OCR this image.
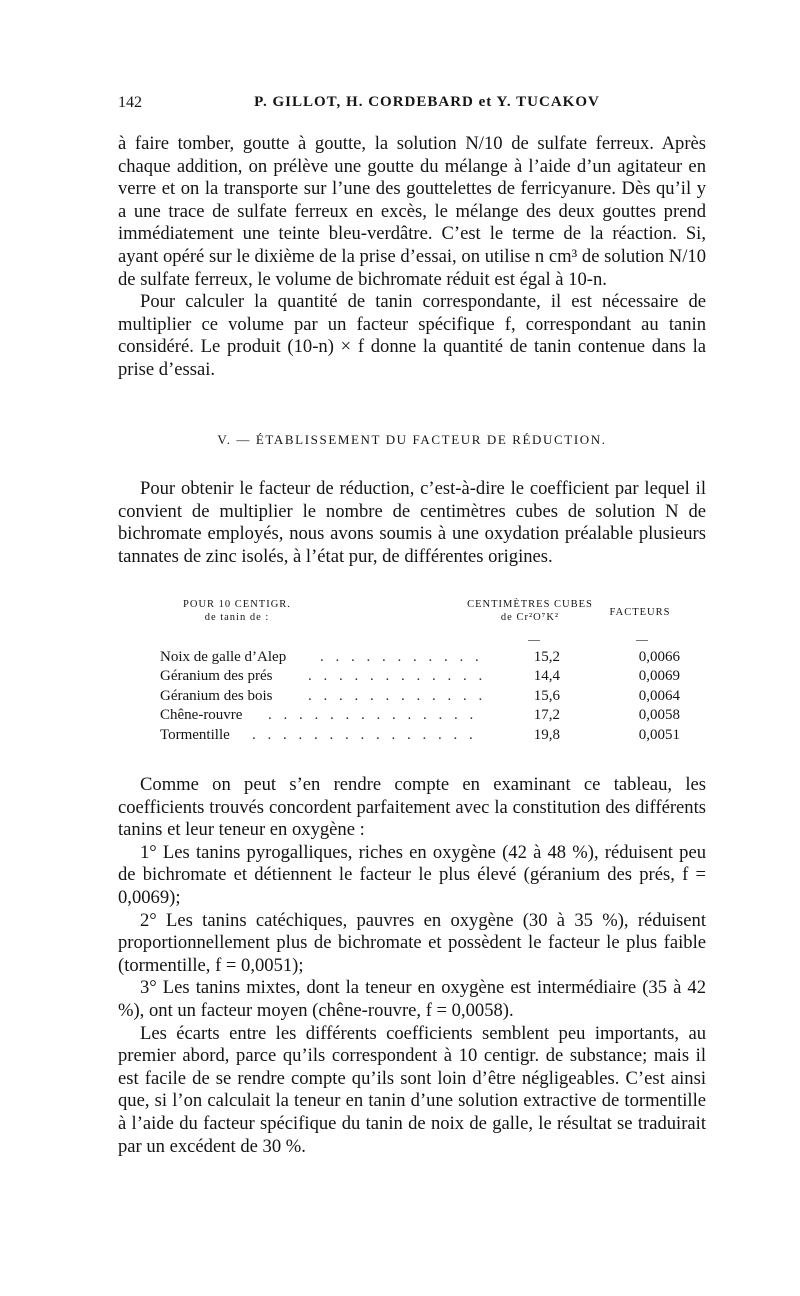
142	P. GILLOT, H. CORDEBARD et Y. TUCAKOV

à faire tomber, goutte à goutte, la solution N/10 de sulfate ferreux. Après chaque addition, on prélève une goutte du mélange à l’aide d’un agitateur en verre et on la transporte sur l’une des gouttelettes de ferricyanure. Dès qu’il y a une trace de sulfate ferreux en excès, le mélange des deux gouttes prend immédiatement une teinte bleu-verdâtre. C’est le terme de la réaction. Si, ayant opéré sur le dixième de la prise d’essai, on utilise n cm³ de solution N/10 de sulfate ferreux, le volume de bichromate réduit est égal à 10-n.

Pour calculer la quantité de tanin correspondante, il est nécessaire de multiplier ce volume par un facteur spécifique f, correspondant au tanin considéré. Le produit (10-n) × f donne la quantité de tanin contenue dans la prise d’essai.

V. — ÉTABLISSEMENT DU FACTEUR DE RÉDUCTION.

Pour obtenir le facteur de réduction, c’est-à-dire le coefficient par lequel il convient de multiplier le nombre de centimètres cubes de solution N de bichromate employés, nous avons soumis à une oxydation préalable plusieurs tannates de zinc isolés, à l’état pur, de différentes origines.

POUR 10 CENTIGR.
de tanin de :
CENTIMÈTRES CUBES
de Cr²O⁷K²	FACTEURS
—	—
Noix de galle d’Alep . . . . . . . . . . .	15,2	0,0066
Géranium des prés . . . . . . . . . . . .	14,4	0,0069
Géranium des bois . . . . . . . . . . . .	15,6	0,0064
Chêne-rouvre . . . . . . . . . . . . . .	17,2	0,0058
Tormentille . . . . . . . . . . . . . . .	19,8	0,0051

Comme on peut s’en rendre compte en examinant ce tableau, les coefficients trouvés concordent parfaitement avec la constitution des différents tanins et leur teneur en oxygène :

1° Les tanins pyrogalliques, riches en oxygène (42 à 48 %), réduisent peu de bichromate et détiennent le facteur le plus élevé (géranium des prés, f = 0,0069);

2° Les tanins catéchiques, pauvres en oxygène (30 à 35 %), réduisent proportionnellement plus de bichromate et possèdent le facteur le plus faible (tormentille, f = 0,0051);

3° Les tanins mixtes, dont la teneur en oxygène est intermédiaire (35 à 42 %), ont un facteur moyen (chêne-rouvre, f = 0,0058).

Les écarts entre les différents coefficients semblent peu importants, au premier abord, parce qu’ils correspondent à 10 centigr. de substance; mais il est facile de se rendre compte qu’ils sont loin d’être négligeables. C’est ainsi que, si l’on calculait la teneur en tanin d’une solution extractive de tormentille à l’aide du facteur spécifique du tanin de noix de galle, le résultat se traduirait par un excédent de 30 %.
